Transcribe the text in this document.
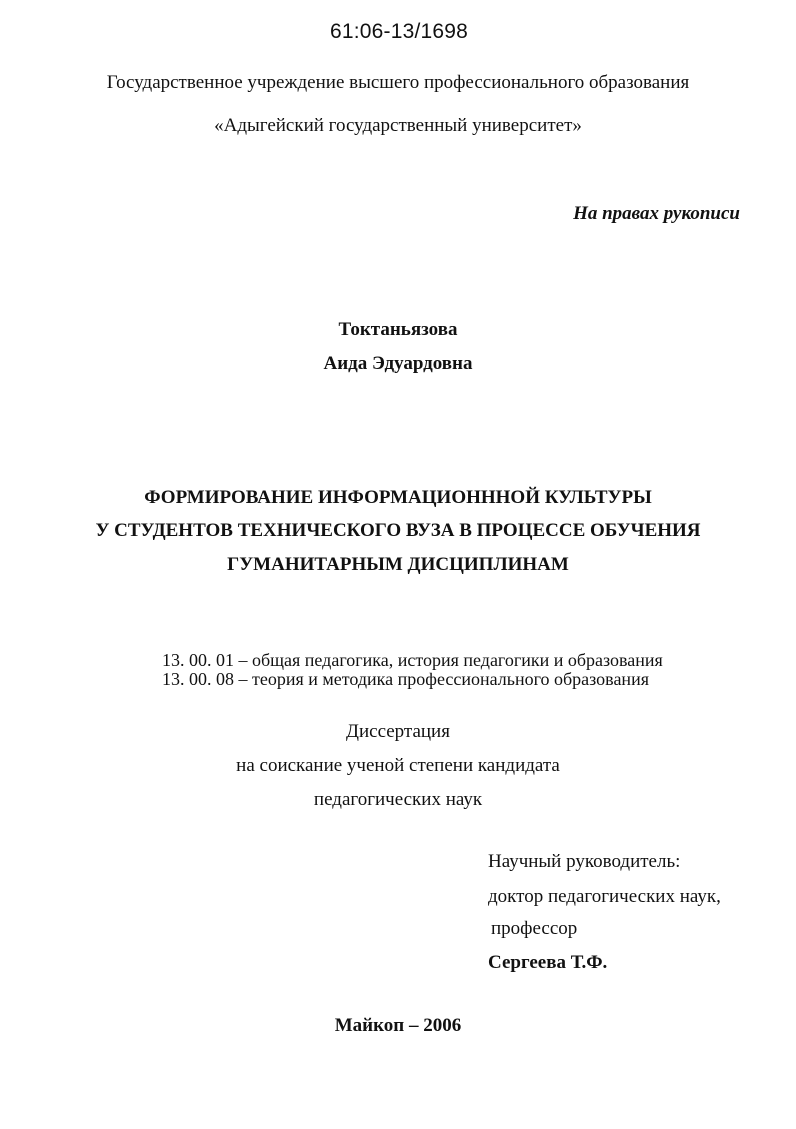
61:06-13/1698
Государственное учреждение высшего профессионального образования
«Адыгейский государственный университет»
На правах рукописи
Токтаньязова
Аида Эдуардовна
ФОРМИРОВАНИЕ ИНФОРМАЦИОНННОЙ КУЛЬТУРЫ
У СТУДЕНТОВ ТЕХНИЧЕСКОГО ВУЗА В ПРОЦЕССЕ ОБУЧЕНИЯ
ГУМАНИТАРНЫМ ДИСЦИПЛИНАМ
13. 00. 01 – общая педагогика, история педагогики и образования
13. 00. 08 – теория и методика профессионального образования
Диссертация
на соискание ученой степени кандидата
педагогических наук
Научный руководитель:
доктор педагогических наук,
профессор
Сергеева Т.Ф.
Майкоп – 2006
